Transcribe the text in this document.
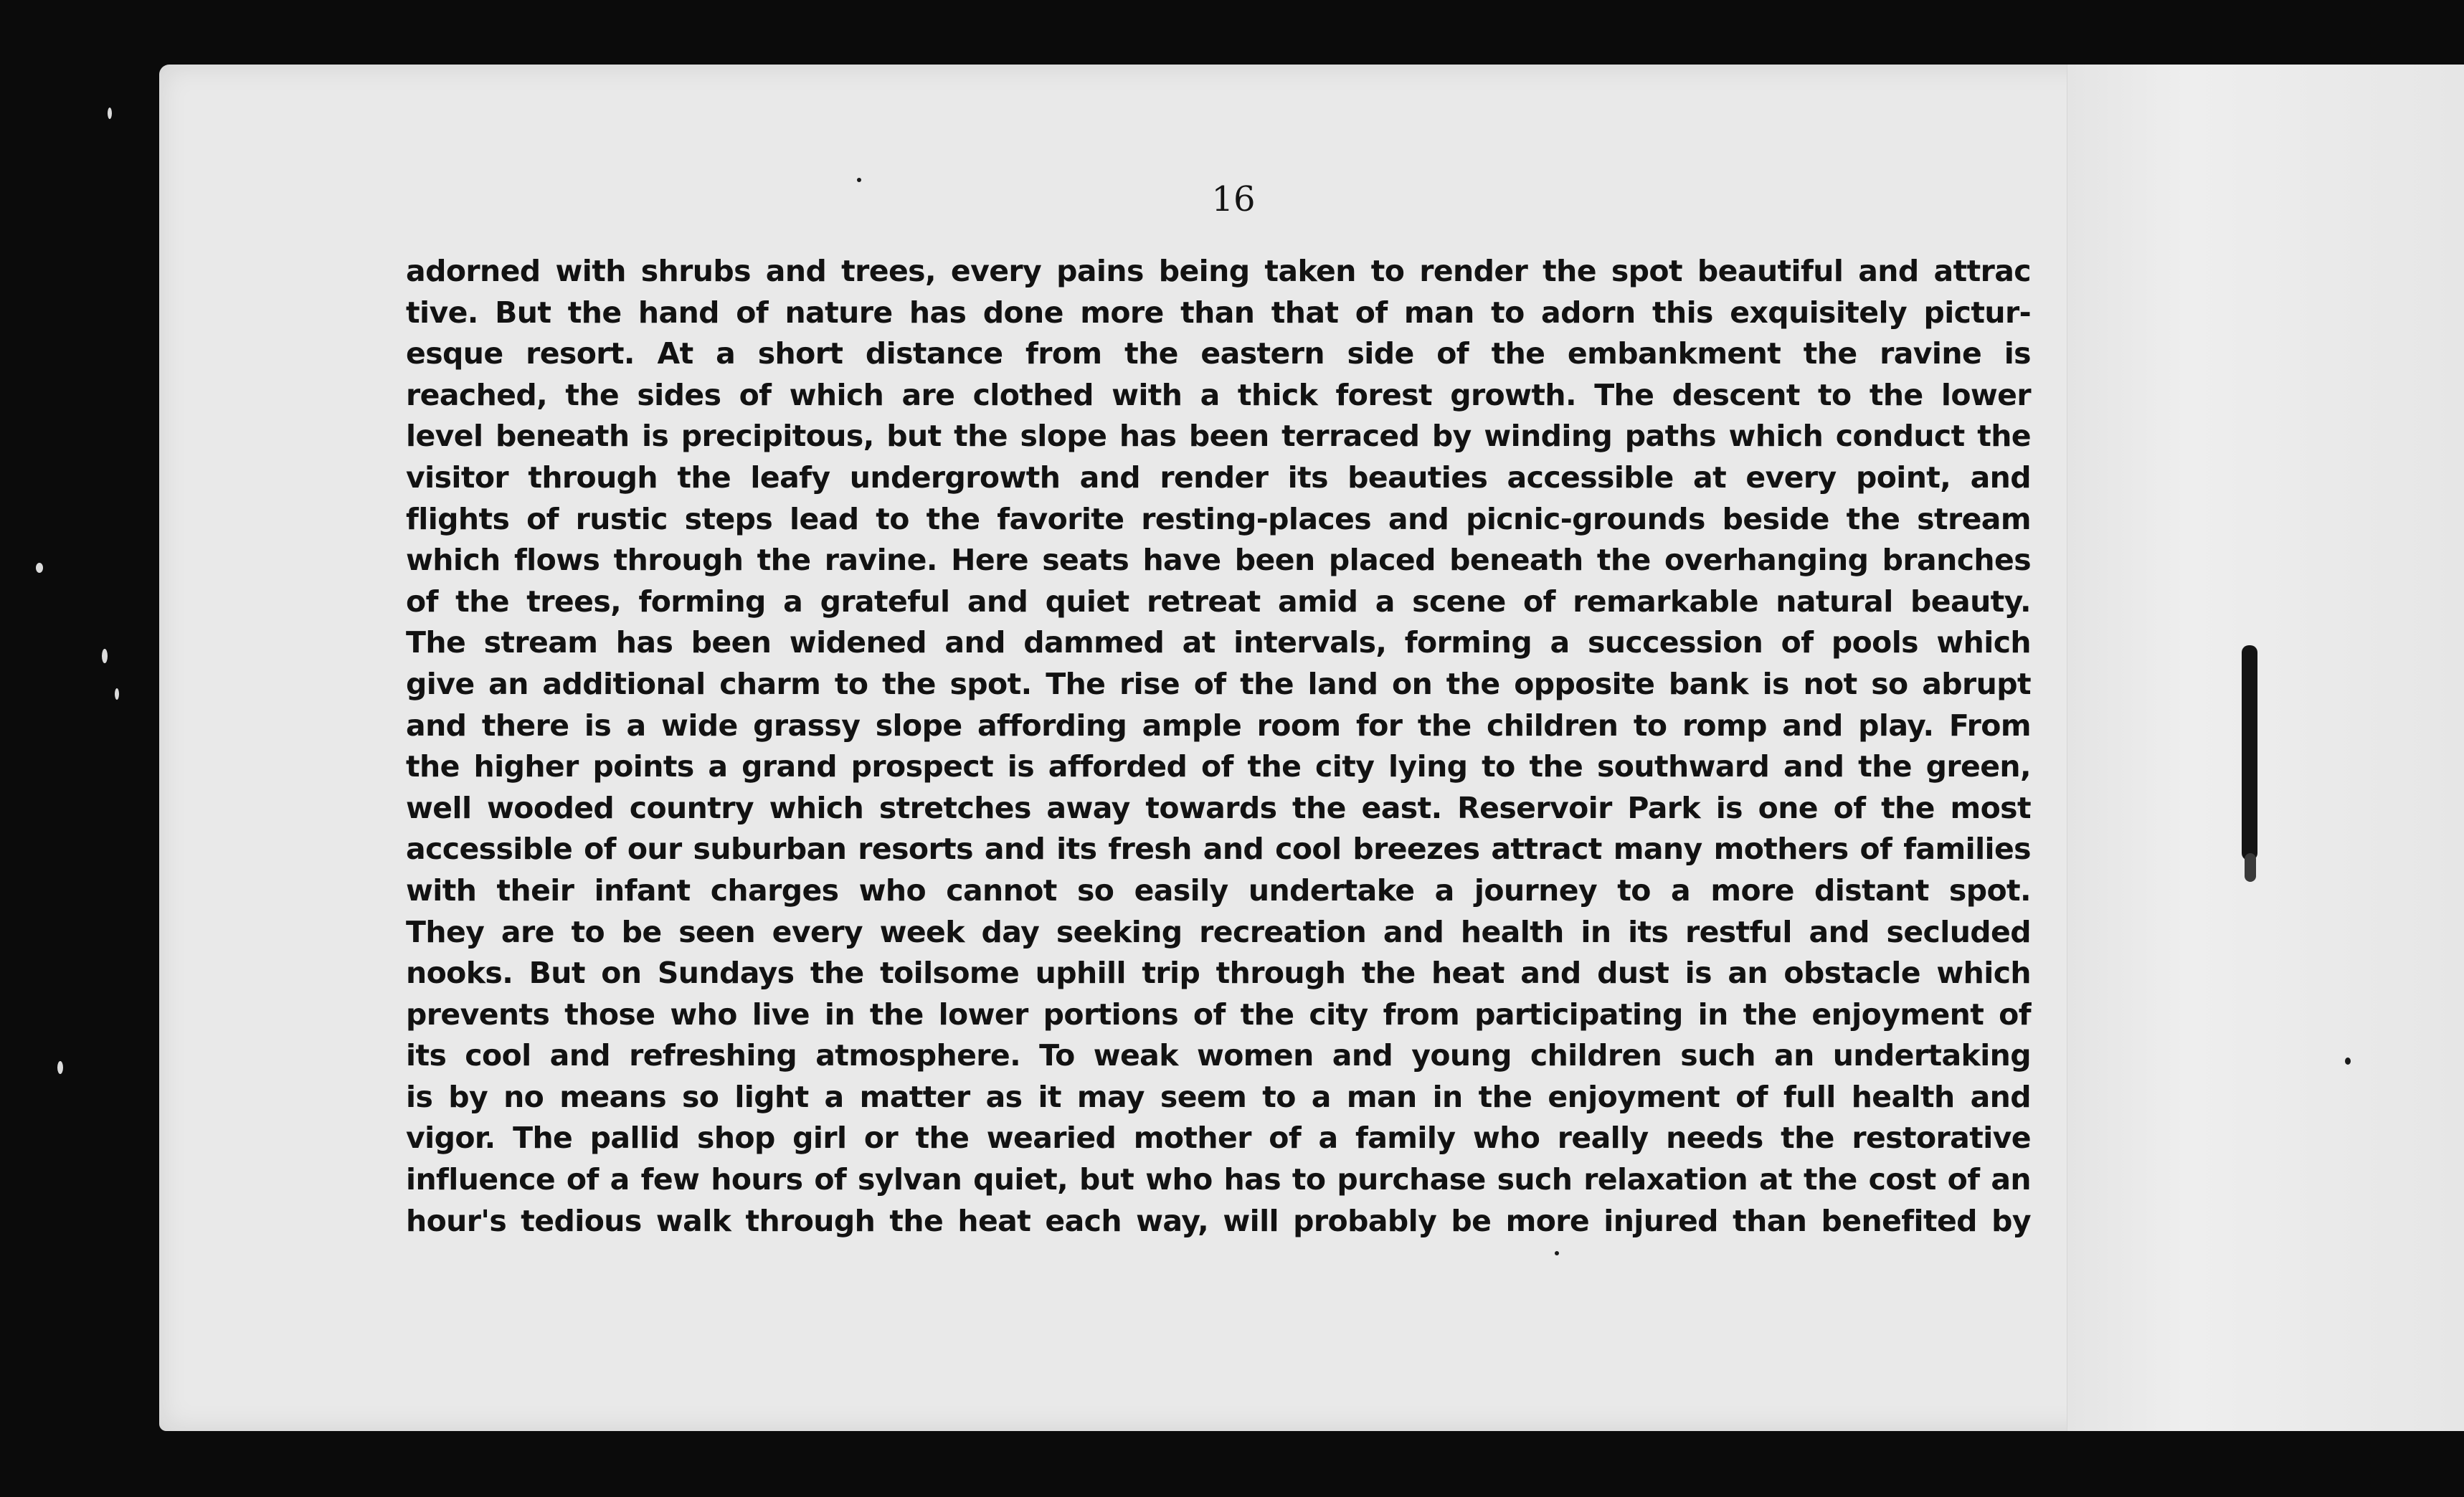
16
adorned with shrubs and trees, every pains being taken to render the spot beautiful and attrac
tive. But the hand of nature has done more than that of man to adorn this exquisitely pictur-
esque resort. At a short distance from the eastern side of the embankment the ravine is
reached, the sides of which are clothed with a thick forest growth. The descent to the lower
level beneath is precipitous, but the slope has been terraced by winding paths which conduct the
visitor through the leafy undergrowth and render its beauties accessible at every point, and
flights of rustic steps lead to the favorite resting-places and picnic-grounds beside the stream
which flows through the ravine. Here seats have been placed beneath the overhanging branches
of the trees, forming a grateful and quiet retreat amid a scene of remarkable natural beauty.
The stream has been widened and dammed at intervals, forming a succession of pools which
give an additional charm to the spot. The rise of the land on the opposite bank is not so abrupt
and there is a wide grassy slope affording ample room for the children to romp and play. From
the higher points a grand prospect is afforded of the city lying to the southward and the green,
well wooded country which stretches away towards the east. Reservoir Park is one of the most
accessible of our suburban resorts and its fresh and cool breezes attract many mothers of families
with their infant charges who cannot so easily undertake a journey to a more distant spot.
They are to be seen every week day seeking recreation and health in its restful and secluded
nooks. But on Sundays the toilsome uphill trip through the heat and dust is an obstacle which
prevents those who live in the lower portions of the city from participating in the enjoyment of
its cool and refreshing atmosphere. To weak women and young children such an undertaking
is by no means so light a matter as it may seem to a man in the enjoyment of full health and
vigor. The pallid shop girl or the wearied mother of a family who really needs the restorative
influence of a few hours of sylvan quiet, but who has to purchase such relaxation at the cost of an
hour's tedious walk through the heat each way, will probably be more injured than benefited by
